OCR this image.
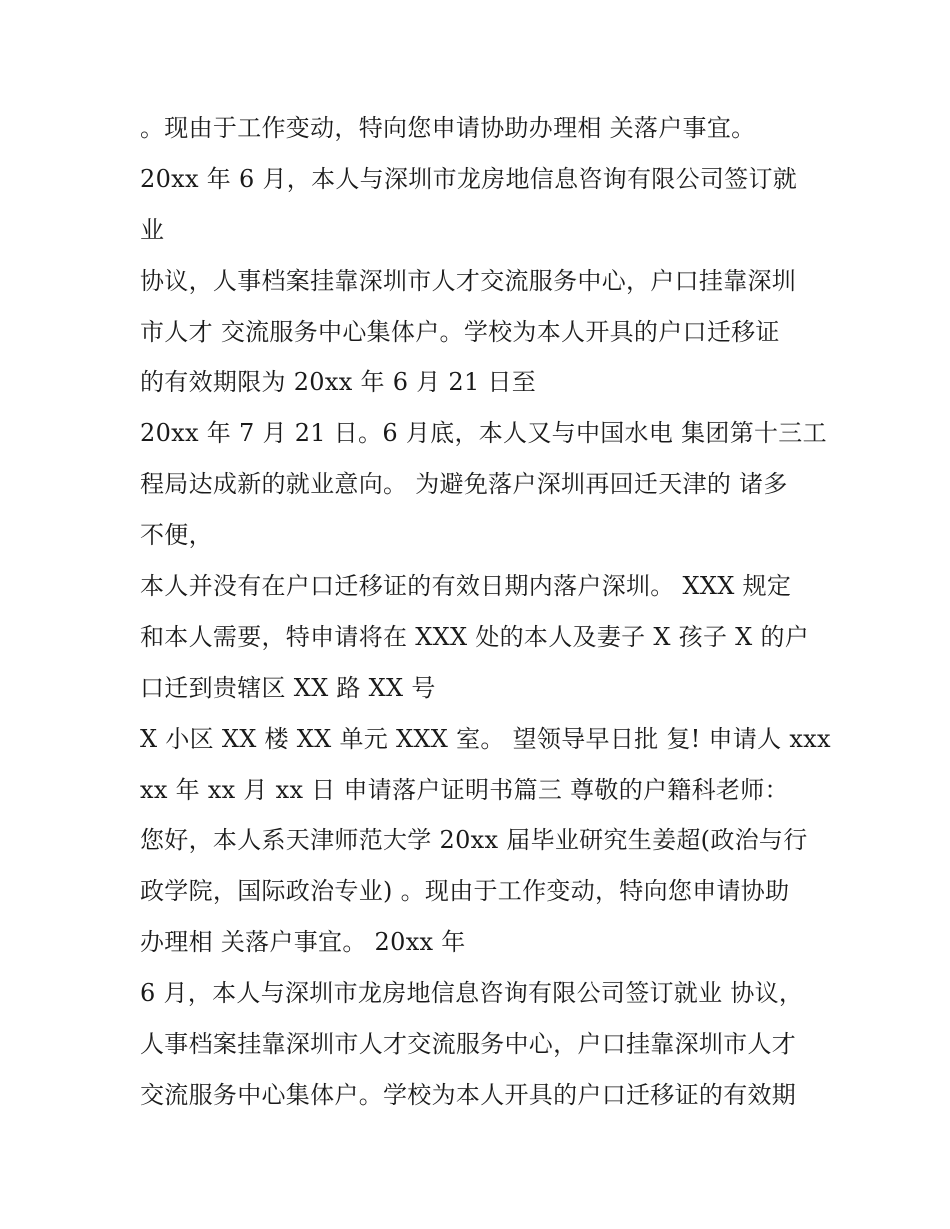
。现由于工作变动，特向您申请协助办理相 关落户事宜。
20xx 年 6 月，本人与深圳市龙房地信息咨询有限公司签订就
业
协议，人事档案挂靠深圳市人才交流服务中心，户口挂靠深圳
市人才 交流服务中心集体户。学校为本人开具的户口迁移证
的有效期限为 20xx 年 6 月 21 日至
20xx 年 7 月 21 日。6 月底，本人又与中国水电 集团第十三工
程局达成新的就业意向。 为避免落户深圳再回迁天津的 诸多
不便，
本人并没有在户口迁移证的有效日期内落户深圳。 XXX 规定
和本人需要，特申请将在 XXX 处的本人及妻子 X 孩子 X 的户
口迁到贵辖区 XX 路 XX 号
X 小区 XX 楼 XX 单元 XXX 室。 望领导早日批 复! 申请人 xxx
xx 年 xx 月 xx 日 申请落户证明书篇三 尊敬的户籍科老师：
您好，本人系天津师范大学 20xx 届毕业研究生姜超(政治与行
政学院，国际政治专业) 。现由于工作变动，特向您申请协助
办理相 关落户事宜。 20xx 年
6 月，本人与深圳市龙房地信息咨询有限公司签订就业 协议，
人事档案挂靠深圳市人才交流服务中心，户口挂靠深圳市人才
交流服务中心集体户。学校为本人开具的户口迁移证的有效期
